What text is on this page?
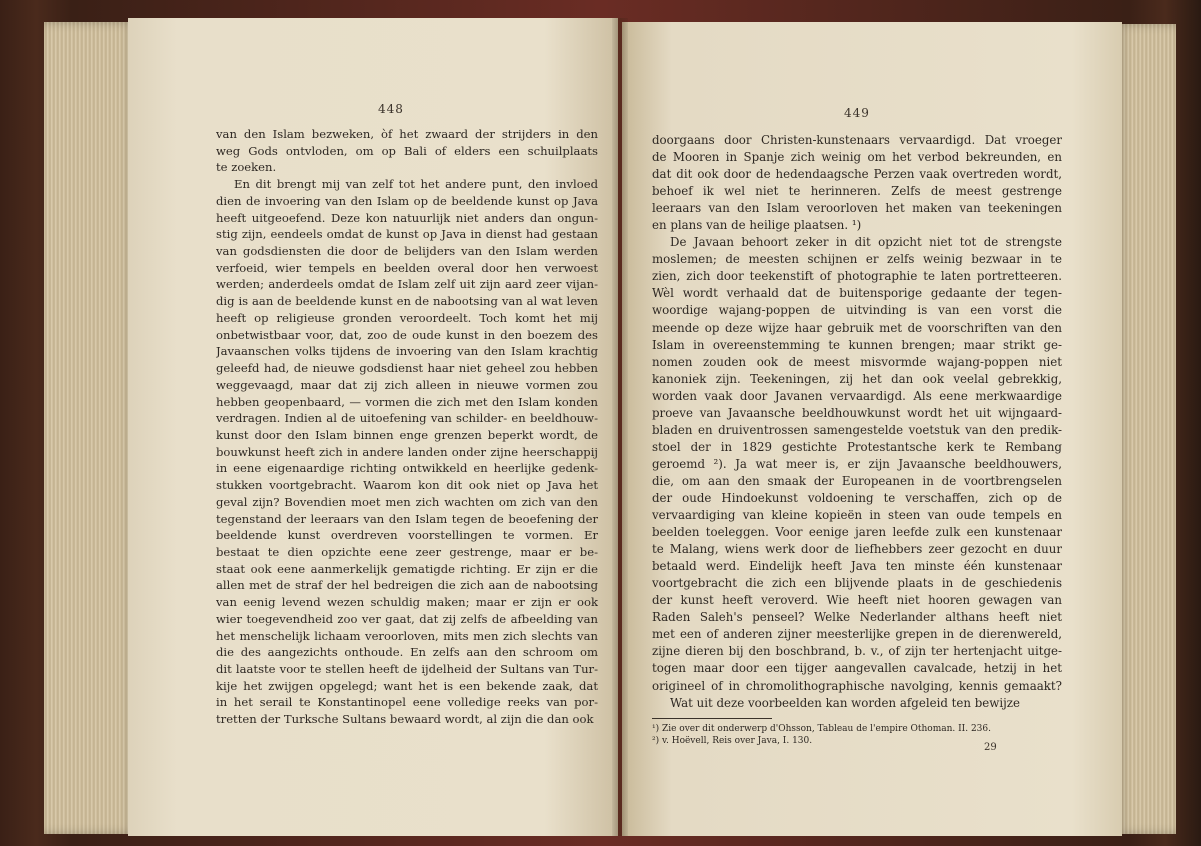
448
van den Islam bezweken, òf het zwaard der strijders in den
weg Gods ontvloden, om op Bali of elders een schuilplaats
te zoeken.
En dit brengt mij van zelf tot het andere punt, den invloed
dien de invoering van den Islam op de beeldende kunst op Java
heeft uitgeoefend. Deze kon natuurlijk niet anders dan ongun-
stig zijn, eendeels omdat de kunst op Java in dienst had gestaan
van godsdiensten die door de belijders van den Islam werden
verfoeid, wier tempels en beelden overal door hen verwoest
werden; anderdeels omdat de Islam zelf uit zijn aard zeer vijan-
dig is aan de beeldende kunst en de nabootsing van al wat leven
heeft op religieuse gronden veroordeelt. Toch komt het mij
onbetwistbaar voor, dat, zoo de oude kunst in den boezem des
Javaanschen volks tijdens de invoering van den Islam krachtig
geleefd had, de nieuwe godsdienst haar niet geheel zou hebben
weggevaagd, maar dat zij zich alleen in nieuwe vormen zou
hebben geopenbaard, — vormen die zich met den Islam konden
verdragen. Indien al de uitoefening van schilder- en beeldhouw-
kunst door den Islam binnen enge grenzen beperkt wordt, de
bouwkunst heeft zich in andere landen onder zijne heerschappij
in eene eigenaardige richting ontwikkeld en heerlijke gedenk-
stukken voortgebracht. Waarom kon dit ook niet op Java het
geval zijn? Bovendien moet men zich wachten om zich van den
tegenstand der leeraars van den Islam tegen de beoefening der
beeldende kunst overdreven voorstellingen te vormen. Er
bestaat te dien opzichte eene zeer gestrenge, maar er be-
staat ook eene aanmerkelijk gematigde richting. Er zijn er die
allen met de straf der hel bedreigen die zich aan de nabootsing
van eenig levend wezen schuldig maken; maar er zijn er ook
wier toegevendheid zoo ver gaat, dat zij zelfs de afbeelding van
het menschelijk lichaam veroorloven, mits men zich slechts van
die des aangezichts onthoude. En zelfs aan den schroom om
dit laatste voor te stellen heeft de ijdelheid der Sultans van Tur-
kije het zwijgen opgelegd; want het is een bekende zaak, dat
in het serail te Konstantinopel eene volledige reeks van por-
tretten der Turksche Sultans bewaard wordt, al zijn die dan ook
449
doorgaans door Christen-kunstenaars vervaardigd. Dat vroeger
de Mooren in Spanje zich weinig om het verbod bekreunden, en
dat dit ook door de hedendaagsche Perzen vaak overtreden wordt,
behoef ik wel niet te herinneren. Zelfs de meest gestrenge
leeraars van den Islam veroorloven het maken van teekeningen
en plans van de heilige plaatsen. ¹)
De Javaan behoort zeker in dit opzicht niet tot de strengste
moslemen; de meesten schijnen er zelfs weinig bezwaar in te
zien, zich door teekenstift of photographie te laten portretteeren.
Wèl wordt verhaald dat de buitensporige gedaante der tegen-
woordige wajang-poppen de uitvinding is van een vorst die
meende op deze wijze haar gebruik met de voorschriften van den
Islam in overeenstemming te kunnen brengen; maar strikt ge-
nomen zouden ook de meest misvormde wajang-poppen niet
kanoniek zijn. Teekeningen, zij het dan ook veelal gebrekkig,
worden vaak door Javanen vervaardigd. Als eene merkwaardige
proeve van Javaansche beeldhouwkunst wordt het uit wijngaard-
bladen en druiventrossen samengestelde voetstuk van den predik-
stoel der in 1829 gestichte Protestantsche kerk te Rembang
geroemd ²). Ja wat meer is, er zijn Javaansche beeldhouwers,
die, om aan den smaak der Europeanen in de voortbrengselen
der oude Hindoekunst voldoening te verschaffen, zich op de
vervaardiging van kleine kopieën in steen van oude tempels en
beelden toeleggen. Voor eenige jaren leefde zulk een kunstenaar
te Malang, wiens werk door de liefhebbers zeer gezocht en duur
betaald werd. Eindelijk heeft Java ten minste één kunstenaar
voortgebracht die zich een blijvende plaats in de geschiedenis
der kunst heeft veroverd. Wie heeft niet hooren gewagen van
Raden Saleh's penseel? Welke Nederlander althans heeft niet
met een of anderen zijner meesterlijke grepen in de dierenwereld,
zijne dieren bij den boschbrand, b. v., of zijn ter hertenjacht uitge-
togen maar door een tijger aangevallen cavalcade, hetzij in het
origineel of in chromolithographische navolging, kennis gemaakt?
Wat uit deze voorbeelden kan worden afgeleid ten bewijze
¹) Zie over dit onderwerp d'Ohsson, Tableau de l'empire Othoman. II. 236.
²) v. Hoëvell, Reis over Java, I. 130.
29
